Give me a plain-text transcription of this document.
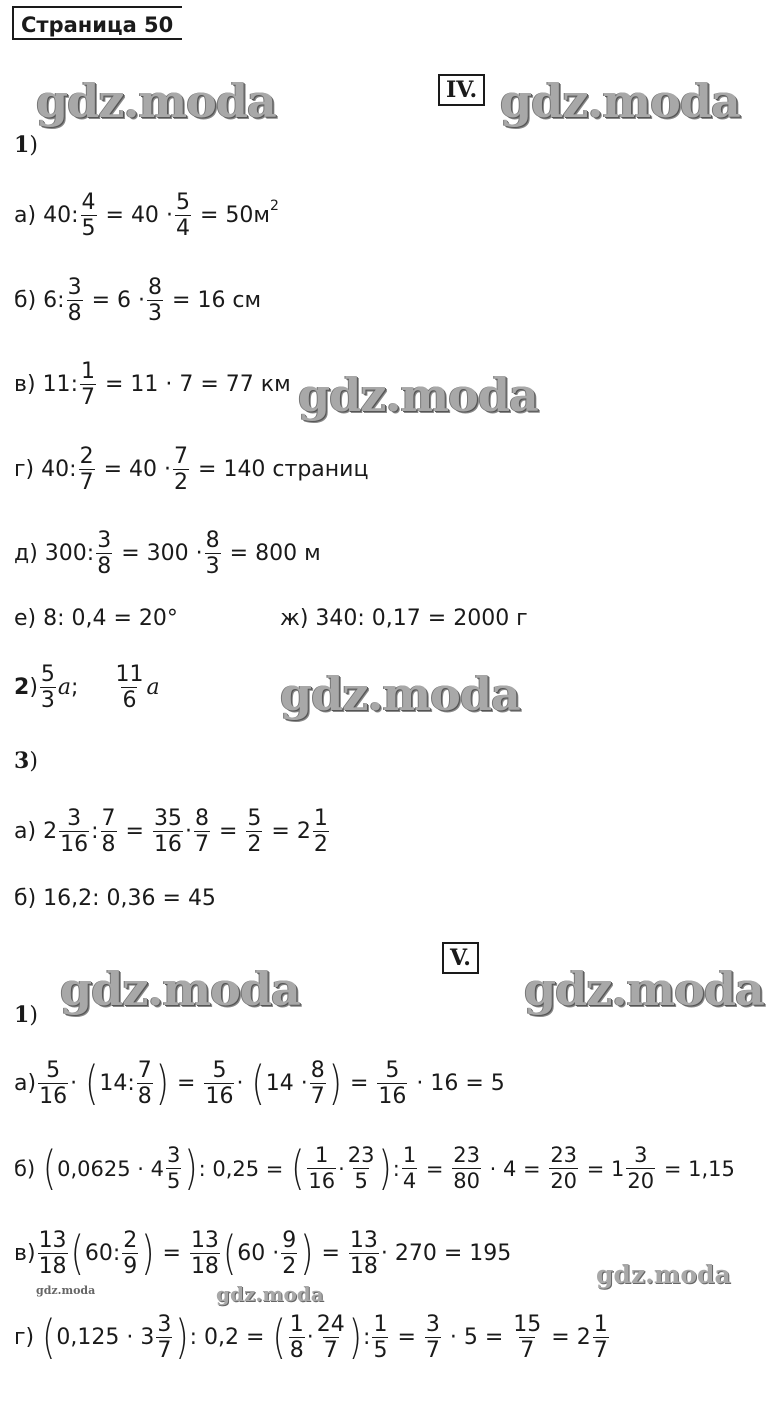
Страница 50
gdz.moda	gdz.moda
gdz.moda
gdz.moda
gdz.moda	gdz.moda
gdz.moda
gdz.moda
gdz.moda
IV.
1)
а)
40 : $\frac{4}{5}$
=
40
· $\frac{5}{4}$
= 50м 2
б)
6 : $\frac{3}{8}$
=
6
· $\frac{8}{3}$
= 16 см
в)
11 : $\frac{1}{7}$
= 11 · 7 = 77 км
г)
40 : $\frac{2}{7}$
=
40
· $\frac{7}{2}$
= 140 страниц
д)
300 : $\frac{3}{8}$
=
300
· $\frac{8}{3}$
= 800 м
е) 8: 0,4 = 20°	ж) 340: 0,17 = 2000 г
$2) \frac{5}{3}$ a ; $\frac{11}{6}$ a
3)
а)
$2 \frac{3}{16}$ : $\frac{7}{8}$
=
$\frac{35}{16} \cdot \frac{8}{7}$
=
$\frac{5}{2}$
=
$2 \frac{1}{2}$
б) 16,2: 0,36 = 45
V.
1)
$а) \frac{5}{16}$ ·
( 14: $\frac{7}{8}$ )
=
$\frac{5}{16}$ ·
( $14 \cdot \frac{8}{7}$ )
=
$\frac{5}{16}$
· 16 = 5
б)
( $0,0625 \cdot 4 \frac{3}{5}$ ) : 0,25 =
( $\frac{1}{16} \cdot \frac{23}{5}$ ) : $\frac{1}{4}$
=
$\frac{23}{80}$
· 4 =
$\frac{23}{20}$
=
$1 \frac{3}{20}$
= 1,15
$в) \frac{13}{18}$ ( 60: $\frac{2}{9}$ )
=
$\frac{13}{18}$ ( $60 \cdot \frac{9}{2}$ )
=
$\frac{13}{18} \cdot 270 = 195$
г)
( $0,125 \cdot 3 \frac{3}{7}$ ) : 0,2 =
( $\frac{1}{8} \cdot \frac{24}{7}$ ) : $\frac{1}{5}$
=
$\frac{3}{7}$
· 5 =
$\frac{15}{7}$
=
$2 \frac{1}{7}$
